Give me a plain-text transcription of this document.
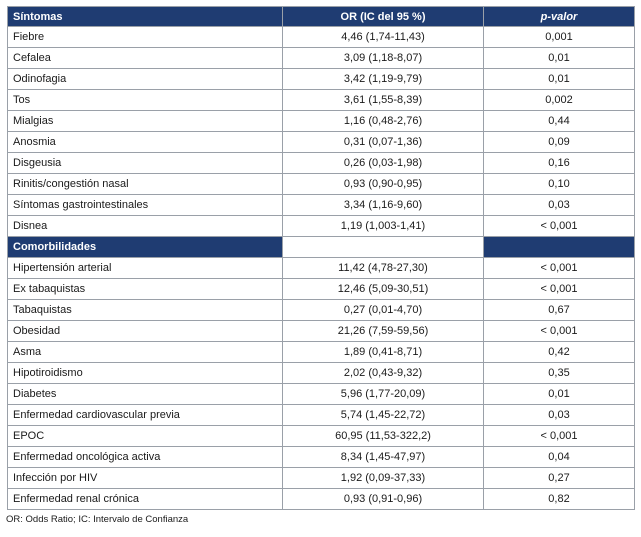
Síntomas	OR (IC del 95 %)	p-valor
Fiebre	4,46 (1,74-11,43)	0,001
Cefalea	3,09 (1,18-8,07)	0,01
Odinofagia	3,42 (1,19-9,79)	0,01
Tos	3,61 (1,55-8,39)	0,002
Mialgias	1,16 (0,48-2,76)	0,44
Anosmia	0,31 (0,07-1,36)	0,09
Disgeusia	0,26 (0,03-1,98)	0,16
Rinitis/congestión nasal	0,93 (0,90-0,95)	0,10
Síntomas gastrointestinales	3,34 (1,16-9,60)	0,03
Disnea	1,19 (1,003-1,41)	< 0,001
Comorbilidades		
Hipertensión arterial	11,42 (4,78-27,30)	< 0,001
Ex tabaquistas	12,46 (5,09-30,51)	< 0,001
Tabaquistas	0,27 (0,01-4,70)	0,67
Obesidad	21,26 (7,59-59,56)	< 0,001
Asma	1,89 (0,41-8,71)	0,42
Hipotiroidismo	2,02 (0,43-9,32)	0,35
Diabetes	5,96 (1,77-20,09)	0,01
Enfermedad cardiovascular previa	5,74 (1,45-22,72)	0,03
EPOC	60,95 (11,53-322,2)	< 0,001
Enfermedad oncológica activa	8,34 (1,45-47,97)	0,04
Infección por HIV	1,92 (0,09-37,33)	0,27
Enfermedad renal crónica	0,93 (0,91-0,96)	0,82
OR: Odds Ratio; IC: Intervalo de Confianza
